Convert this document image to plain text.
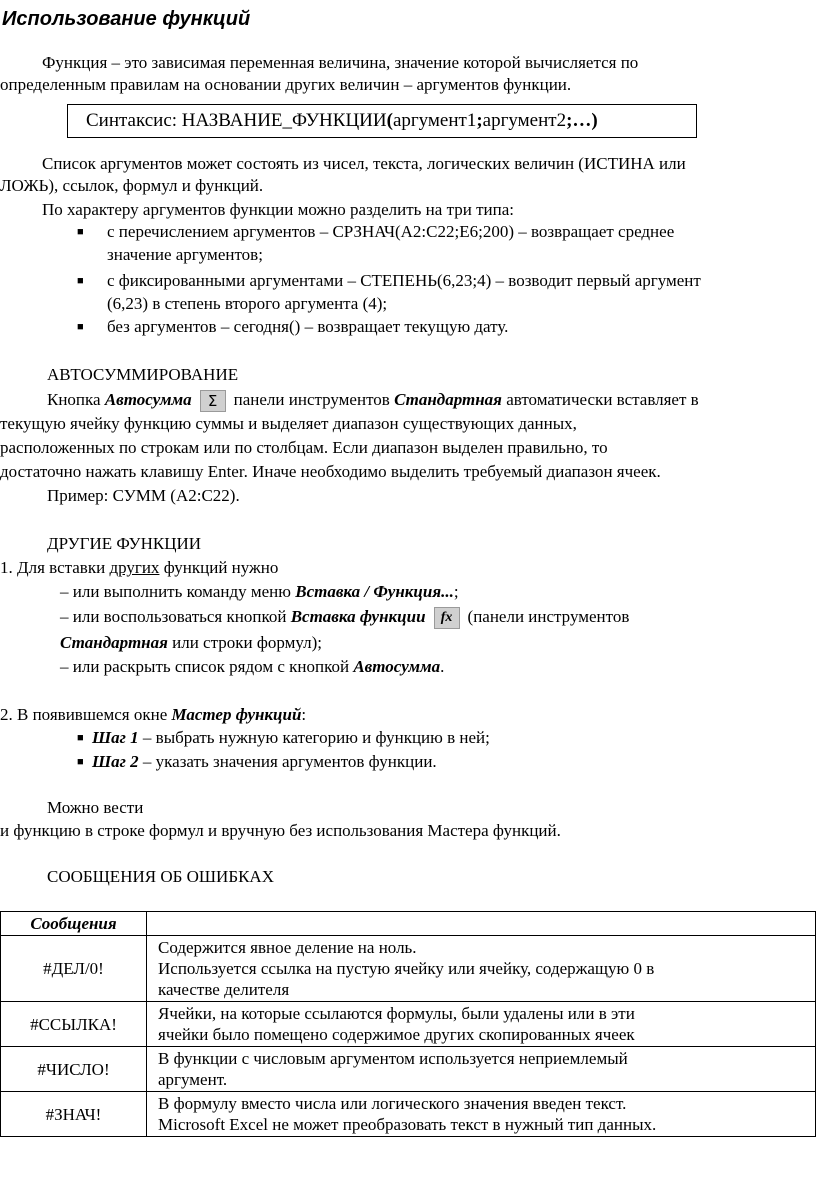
Использование функций
Функция – это зависимая переменная величина, значение которой вычисляется по
определенным правилам на основании других величин – аргументов функции.
Синтаксис: НАЗВАНИЕ_ФУНКЦИИ(аргумент1;аргумент2;…)
Список аргументов может состоять из чисел, текста, логических величин (ИСТИНА или
ЛОЖЬ), ссылок, формул и функций.
По характеру аргументов функции можно разделить на три типа:
■ с перечислением аргументов – СРЗНАЧ(А2:С22;Е6;200) – возвращает среднее
значение аргументов;
■ с фиксированными аргументами – СТЕПЕНЬ(6,23;4) – возводит первый аргумент
(6,23) в степень второго аргумента (4);
■ без аргументов – сегодня() – возвращает текущую дату.
АВТОСУММИРОВАНИЕ
Кнопка Автосумма Σ панели инструментов Стандартная автоматически вставляет в
текущую ячейку функцию суммы и выделяет диапазон существующих данных,
расположенных по строкам или по столбцам. Если диапазон выделен правильно, то
достаточно нажать клавишу Enter. Иначе необходимо выделить требуемый диапазон ячеек.
Пример: СУММ (А2:С22).
ДРУГИЕ ФУНКЦИИ
1. Для вставки других функций нужно
– или выполнить команду меню Вставка / Функция...;
– или воспользоваться кнопкой Вставка функции fx (панели инструментов
Стандартная или строки формул);
– или раскрыть список рядом с кнопкой Автосумма.
2. В появившемся окне Мастер функций:
■ Шаг 1 – выбрать нужную категорию и функцию в ней;
■ Шаг 2 – указать значения аргументов функции.
Можно вести
и функцию в строке формул и вручную без использования Мастера функций.
СООБЩЕНИЯ ОБ ОШИБКАХ
Сообщения	
#ДЕЛ/0!	Содержится явное деление на ноль.
Используется ссылка на пустую ячейку или ячейку, содержащую 0 в
качестве делителя

#ССЫЛКА!	Ячейки, на которые ссылаются формулы, были удалены или в эти
ячейки было помещено содержимое других скопированных ячеек

#ЧИСЛО!	В функции с числовым аргументом используется неприемлемый
аргумент.

#ЗНАЧ!	В формулу вместо числа или логического значения введен текст.
Microsoft Excel не может преобразовать текст в нужный тип данных.
